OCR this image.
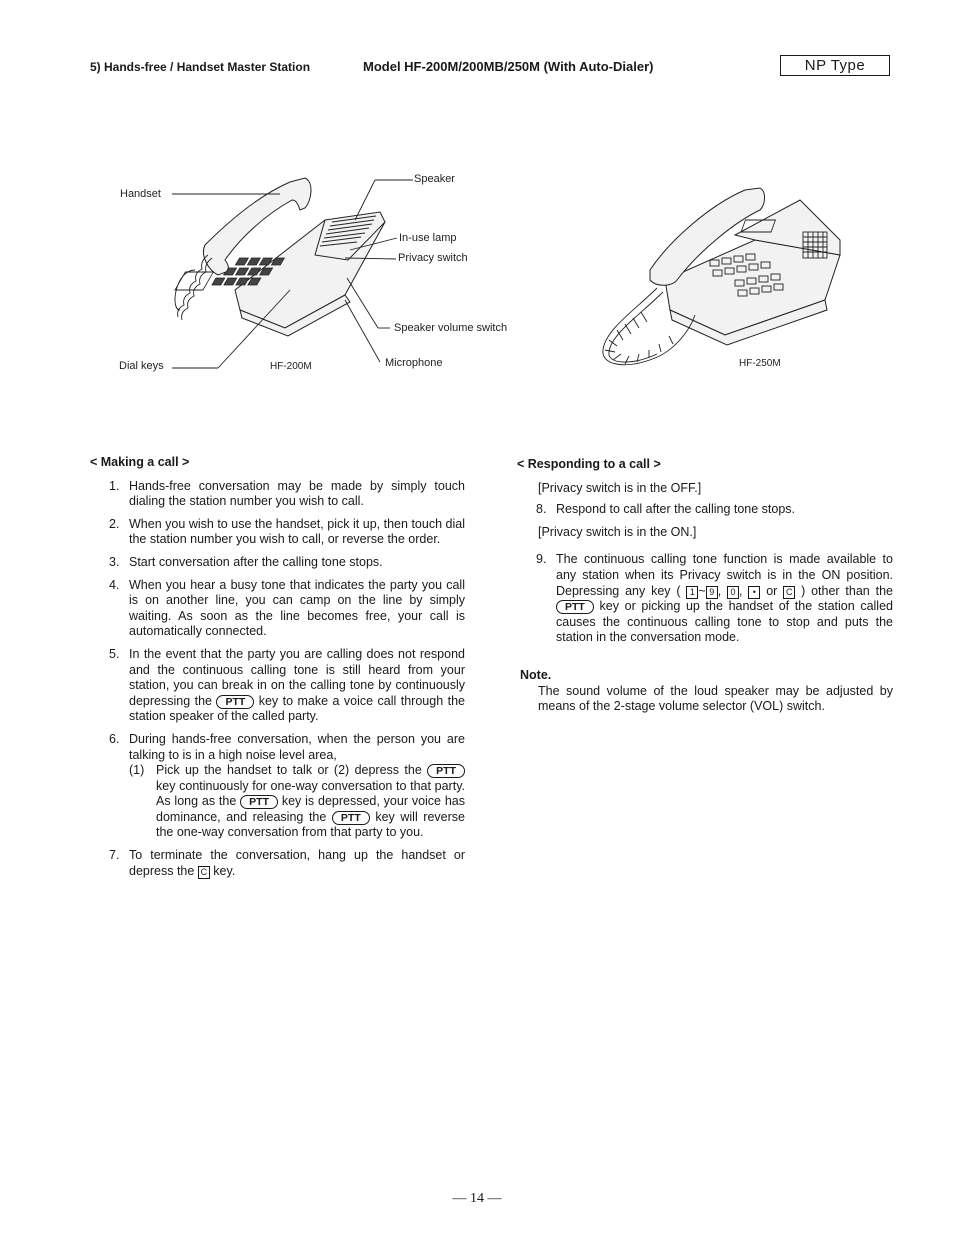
5) Hands-free / Handset Master Station	Model HF-200M/200MB/250M (With Auto-Dialer)	NP Type
Handset
Speaker
In-use lamp
Privacy switch
Speaker volume switch
Dial keys	HF-200M	Microphone	HF-250M
< Making a call >
1. Hands-free conversation may be made by simply touch dialing the station number you wish to call.
2. When you wish to use the handset, pick it up, then touch dial the station number you wish to call, or reverse the order.
3. Start conversation after the calling tone stops.
4. When you hear a busy tone that indicates the party you call is on another line, you can camp on the line by simply waiting. As soon as the line becomes free, your call is automatically connected.
5. In the event that the party you are calling does not respond and the continuous calling tone is still heard from your station, you can break in on the calling tone by continuously depressing the PTT key to make a voice call through the station speaker of the called party.
6. During hands-free conversation, when the person you are talking to is in a high noise level area,
(1) Pick up the handset to talk or (2) depress the PTT key continuously for one-way conversation to that party. As long as the PTT key is depressed, your voice has dominance, and releasing the PTT key will reverse the one-way conversation from that party to you.
7. To terminate the conversation, hang up the handset or depress the C key.
< Responding to a call >
[Privacy switch is in the OFF.]
8. Respond to call after the calling tone stops.
[Privacy switch is in the ON.]
9. The continuous calling tone function is made available to any station when its Privacy switch is in the ON position. Depressing any key ( 1 ~ 9 , 0 , • or C ) other than the PTT key or picking up the handset of the station called causes the continuous calling tone to stop and puts the station in the conversation mode.
Note.
The sound volume of the loud speaker may be adjusted by means of the 2-stage volume selector (VOL) switch.
— 14 —
